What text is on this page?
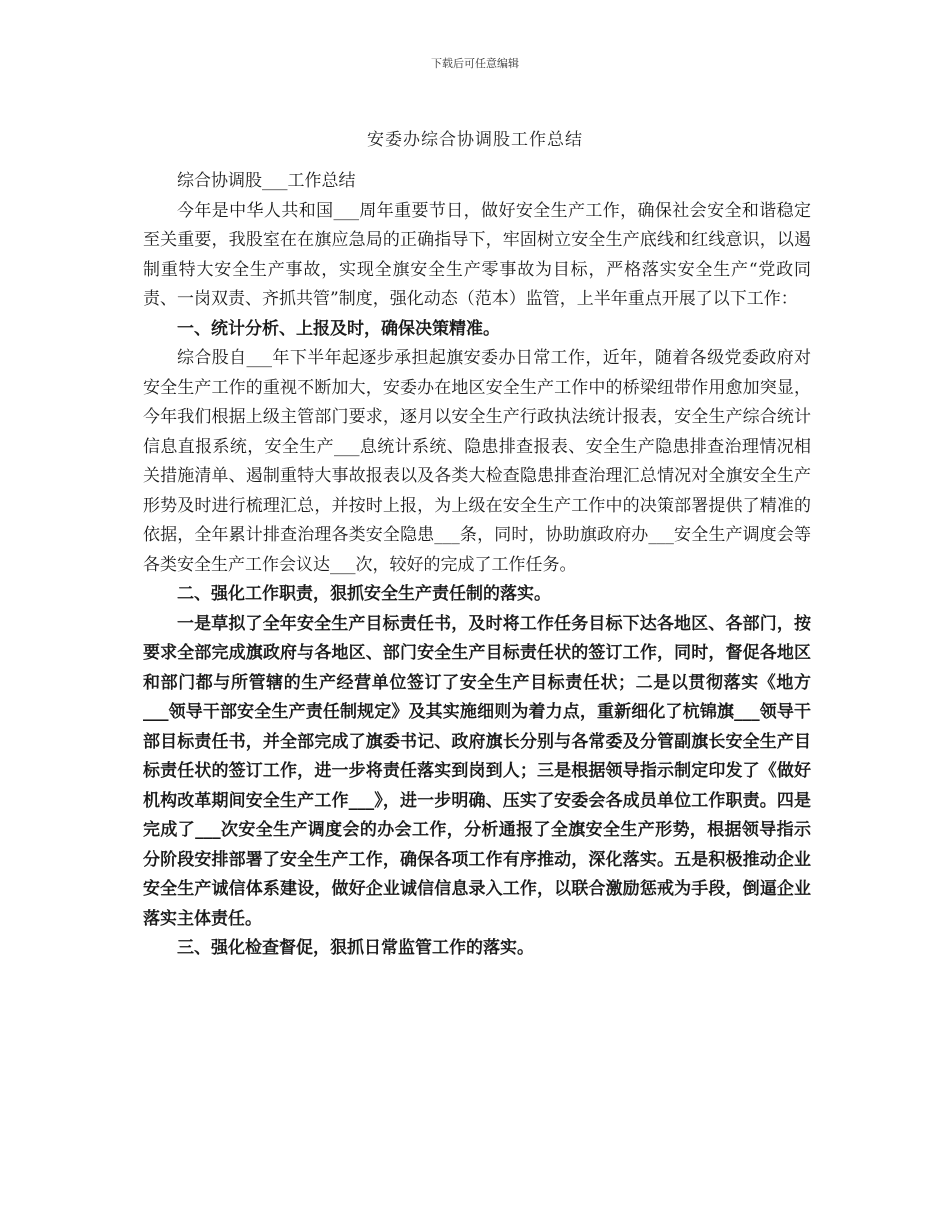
下载后可任意编辑
安委办综合协调股工作总结

综合协调股___工作总结

今年是中华人共和国___周年重要节日，做好安全生产工作，确保社会安全和谐稳定至关重要，我股室在在旗应急局的正确指导下，牢固树立安全生产底线和红线意识，以遏制重特大安全生产事故，实现全旗安全生产零事故为目标，严格落实安全生产“党政同责、一岗双责、齐抓共管”制度，强化动态（范本）监管，上半年重点开展了以下工作：

一、统计分析、上报及时，确保决策精准。

综合股自___年下半年起逐步承担起旗安委办日常工作，近年，随着各级党委政府对安全生产工作的重视不断加大，安委办在地区安全生产工作中的桥梁纽带作用愈加突显，今年我们根据上级主管部门要求，逐月以安全生产行政执法统计报表，安全生产综合统计信息直报系统，安全生产___息统计系统、隐患排查报表、安全生产隐患排查治理情况相关措施清单、遏制重特大事故报表以及各类大检查隐患排查治理汇总情况对全旗安全生产形势及时进行梳理汇总，并按时上报，为上级在安全生产工作中的决策部署提供了精准的依据，全年累计排查治理各类安全隐患___条，同时，协助旗政府办___安全生产调度会等各类安全生产工作会议达___次，较好的完成了工作任务。

二、强化工作职责，狠抓安全生产责任制的落实。

一是草拟了全年安全生产目标责任书，及时将工作任务目标下达各地区、各部门，按要求全部完成旗政府与各地区、部门安全生产目标责任状的签订工作，同时，督促各地区和部门都与所管辖的生产经营单位签订了安全生产目标责任状；二是以贯彻落实《地方___领导干部安全生产责任制规定》及其实施细则为着力点，重新细化了杭锦旗___领导干部目标责任书，并全部完成了旗委书记、政府旗长分别与各常委及分管副旗长安全生产目标责任状的签订工作，进一步将责任落实到岗到人；三是根据领导指示制定印发了《做好机构改革期间安全生产工作___》，进一步明确、压实了安委会各成员单位工作职责。四是完成了___次安全生产调度会的办会工作，分析通报了全旗安全生产形势，根据领导指示分阶段安排部署了安全生产工作，确保各项工作有序推动，深化落实。五是积极推动企业安全生产诚信体系建设，做好企业诚信信息录入工作，以联合激励惩戒为手段，倒逼企业落实主体责任。

三、强化检查督促，狠抓日常监管工作的落实。
